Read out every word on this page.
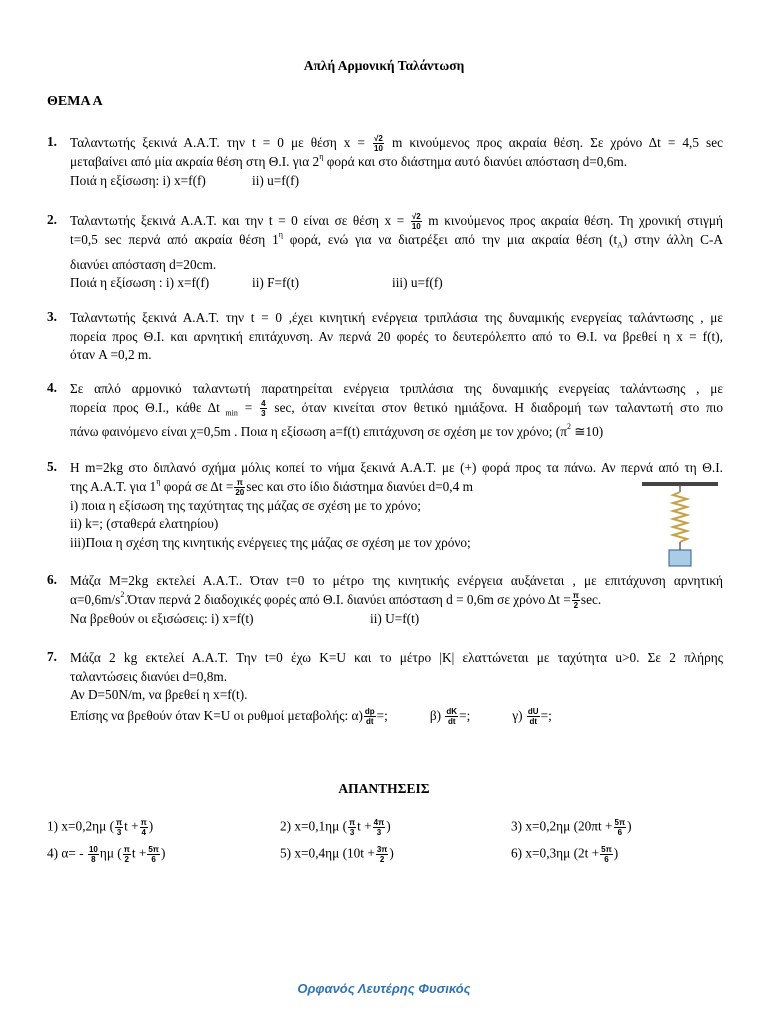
Απλή Αρμονική Ταλάντωση
ΘΕΜΑ Α
1. Ταλαντωτής ξεκινά Α.Α.Τ. την t = 0 με θέση $x = \frac{√2}{10}$ m κινούμενος προς ακραία θέση. Σε χρόνο Δt = 4,5 sec
μεταβαίνει από μία ακραία θέση στη Θ.Ι. για $2^\eta$ φορά και στο διάστημα αυτό διανύει απόσταση d=0,6m.
Ποιά η εξίσωση: i) x=f(f)	ii) u=f(f)
2. Ταλαντωτής ξεκινά Α.Α.Τ. και την t = 0 είναι σε θέση $x = \frac{√2}{10}$ m κινούμενος προς ακραία θέση. Τη χρονική στιγμή
t=0,5 sec περνά από ακραία θέση $1^\eta$ φορά, ενώ για να διατρέξει από την μια ακραία θέση $(t_A)$ στην άλλη C-A
διανύει απόσταση d=20cm.
Ποιά η εξίσωση : i) x=f(f)	ii) F=f(t)	iii) u=f(f)
3. Ταλαντωτής ξεκινά Α.Α.Τ. την t = 0 ,έχει κινητική ενέργεια τριπλάσια της δυναμικής ενεργείας ταλάντωσης , με
πορεία προς Θ.Ι. και αρνητική επιτάχυνση. Αν περνά 20 φορές το δευτερόλεπτο από το Θ.Ι. να βρεθεί η x = f(t),
όταν A =0,2 m.
4. Σε απλό αρμονικό ταλαντωτή παρατηρείται ενέργεια τριπλάσια της δυναμικής ενεργείας ταλάντωσης , με
πορεία προς Θ.Ι., κάθε Δt $_{min} = \frac{4}{3} \sec$, όταν κινείται στον θετικό ημιάξονα. Η διαδρομή των ταλαντωτή στο πιο
πάνω φαινόμενο είναι χ=0,5m . Ποια η εξίσωση a=f(t) επιτάχυνση σε σχέση με τον χρόνο; ($\pi^2$ ≅10)
5. Η m=2kg στο διπλανό σχήμα μόλις κοπεί το νήμα ξεκινά Α.Α.Τ. με (+) φορά προς τα πάνω. Αν περνά από τη Θ.Ι.
της Α.Α.Τ. για $1^\eta$ φορά σε $\Delta t = \frac{\pi}{20}$ sec και στο ίδιο διάστημα διανύει d=0,4 m
i) ποια η εξίσωση της ταχύτητας της μάζας σε σχέση με το χρόνο;
ii) k=; (σταθερά ελατηρίου)
iii)Ποια η σχέση της κινητικής ενέργειες της μάζας σε σχέση με τον χρόνο;
6. Μάζα Μ=2kg εκτελεί Α.Α.Τ.. Όταν t=0 το μέτρο της κινητικής ενέργεια αυξάνεται , με επιτάχυνση αρνητική
$\alpha=0,6m/s^2.Ό\tau\alpha\nu$ περνά 2 διαδοχικές φορές από Θ.Ι. διανύει απόσταση d = 0,6m σε χρόνο $\Delta t = \frac{\pi}{2} \sec$.
Να βρεθούν οι εξισώσεις: i) x=f(t)	ii) U=f(t)
7. Μάζα 2 kg εκτελεί Α.Α.Τ. Την t=0 έχω K=U και το μέτρο |K| ελαττώνεται με ταχύτητα u>0. Σε 2 πλήρης
ταλαντώσεις διανύει d=0,8m.
Αν D=50N/m, να βρεθεί η x=f(t).
Επίσης να βρεθούν όταν K=U οι ρυθμοί μεταβολής: $\alpha) \frac{dp}{dt}$ =;	$\beta) \frac{dK}{dt}$ =;	$\gamma) \frac{dU}{dt}$ =;
ΑΠΑΝΤΗΣΕΙΣ
1) x=0,2ημ ( $\frac{\pi}{3}$ $t + \frac{\pi}{4}$ )	2) x=0,1ημ ( $\frac{\pi}{3}$ $t + \frac{4\pi}{3}$ )	3) x=0,2ημ ($20\pi t + \frac{5\pi}{6}$ )
4) $\alpha= - \frac{10}{8}$ ημ ( $\frac{\pi}{2}$ $t + \frac{5\pi}{6}$ )	5) x=0,4ημ ($10t + \frac{3\pi}{2}$ )	6) x=0,3ημ ($2t + \frac{5\pi}{6}$ )
Ορφανός Λευτέρης Φυσικός
